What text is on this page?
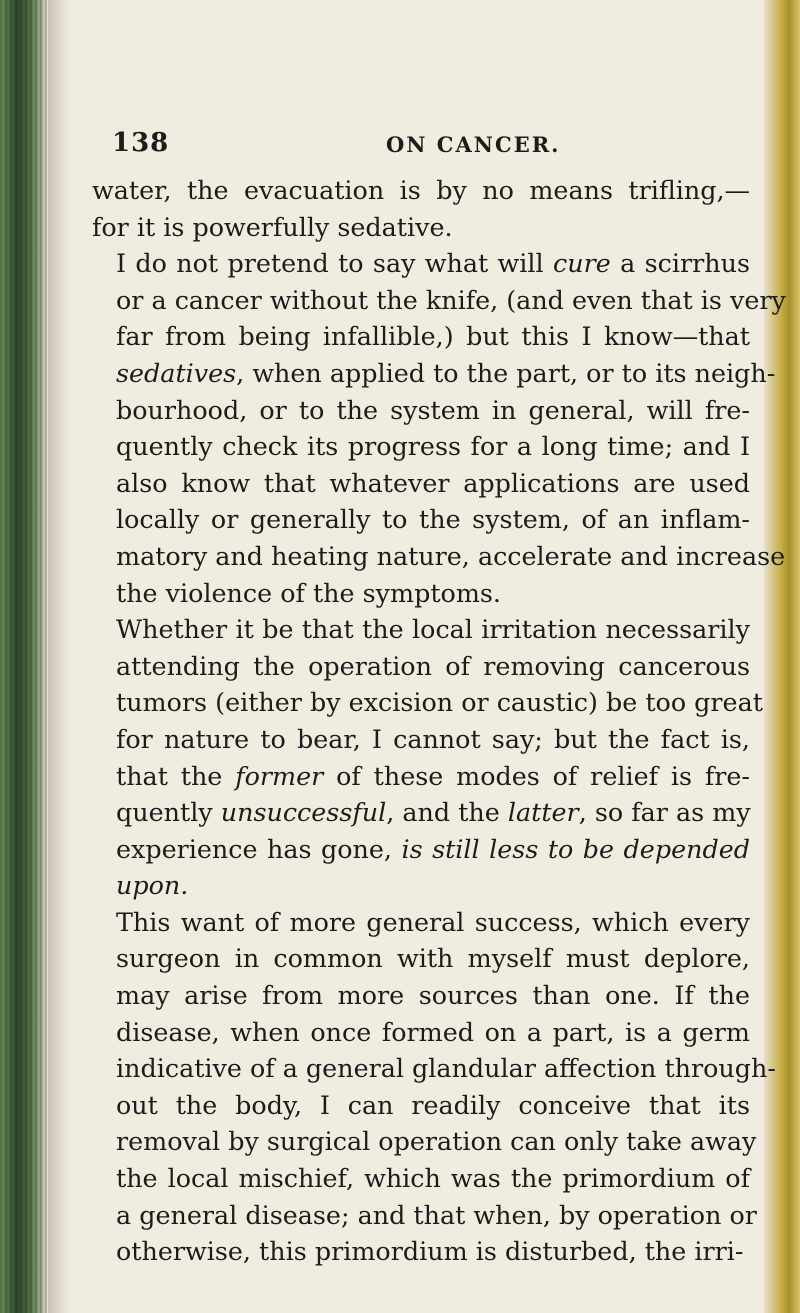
138	ON CANCER.

water, the evacuation is by no means trifling,—
for it is powerfully sedative.

I do not pretend to say what will cure a scirrhus
or a cancer without the knife, (and even that is very
far from being infallible,) but this I know—that
sedatives, when applied to the part, or to its neigh-
bourhood, or to the system in general, will fre-
quently check its progress for a long time; and I
also know that whatever applications are used
locally or generally to the system, of an inflam-
matory and heating nature, accelerate and increase
the violence of the symptoms.

Whether it be that the local irritation necessarily
attending the operation of removing cancerous
tumors (either by excision or caustic) be too great
for nature to bear, I cannot say; but the fact is,
that the former of these modes of relief is fre-
quently unsuccessful, and the latter, so far as my
experience has gone, is still less to be depended
upon.

This want of more general success, which every
surgeon in common with myself must deplore,
may arise from more sources than one. If the
disease, when once formed on a part, is a germ
indicative of a general glandular affection through-
out the body, I can readily conceive that its
removal by surgical operation can only take away
the local mischief, which was the primordium of
a general disease; and that when, by operation or
otherwise, this primordium is disturbed, the irri-
